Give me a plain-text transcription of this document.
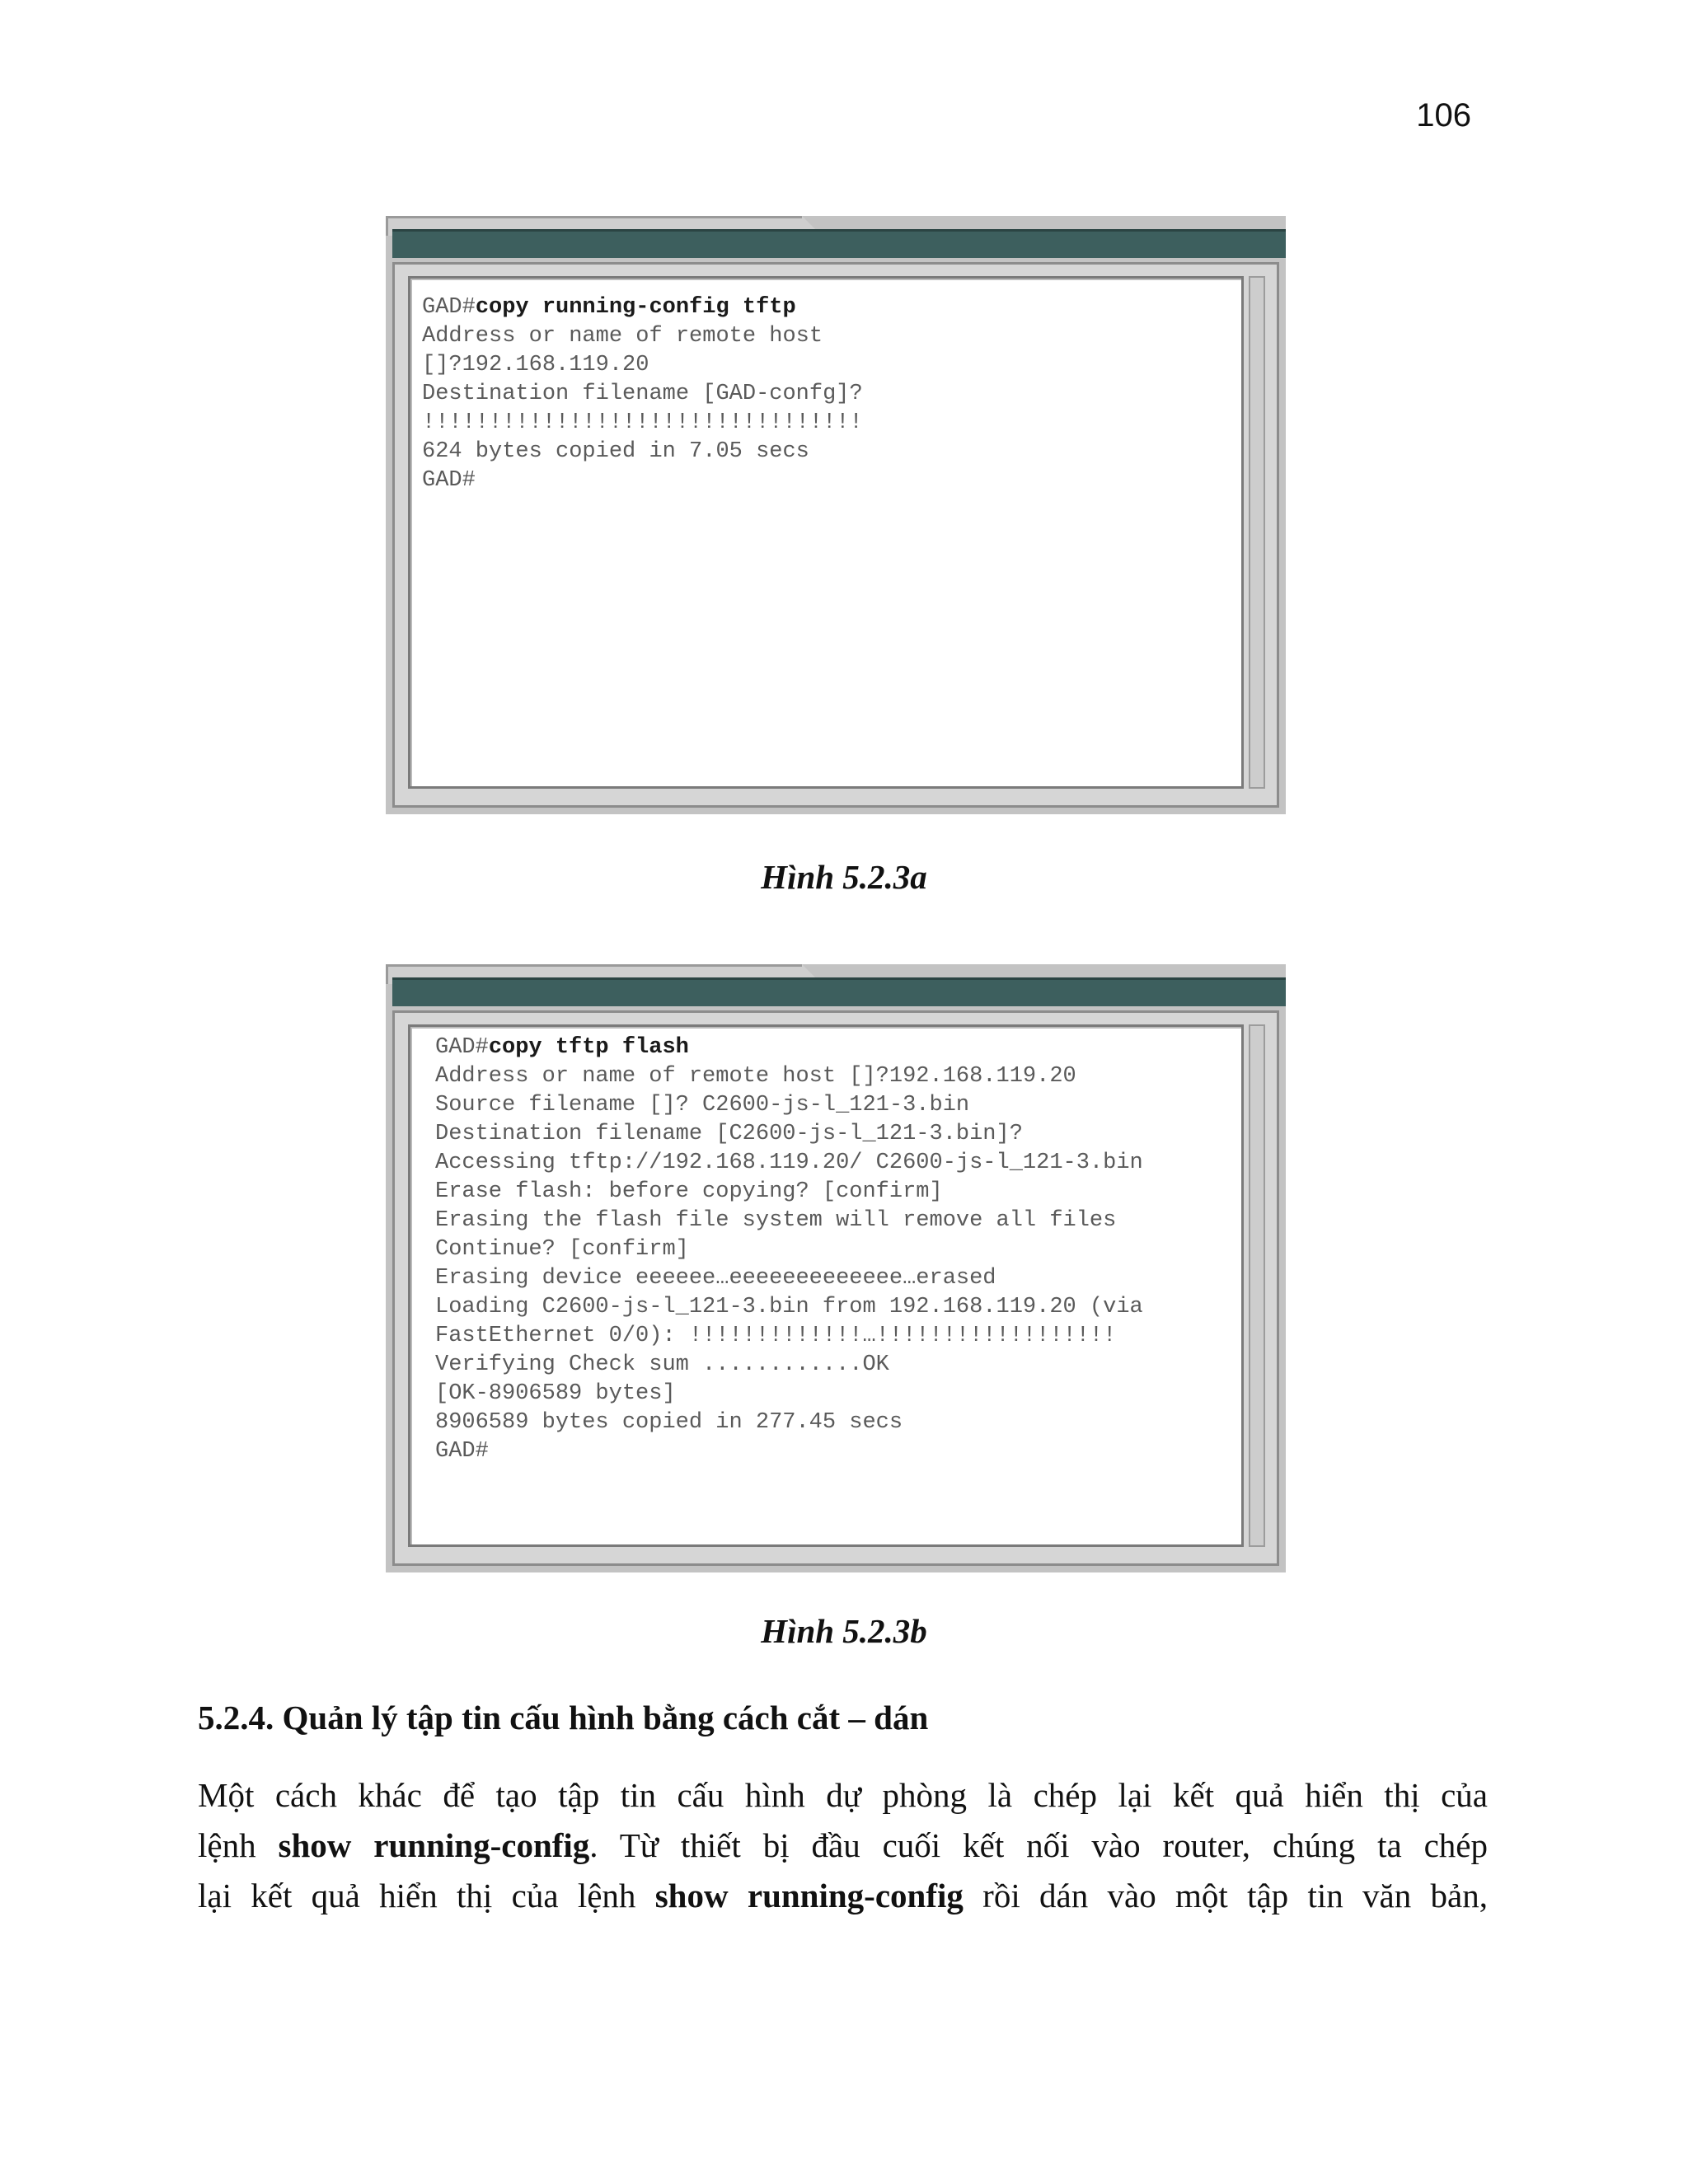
106
GAD#copy running-config tftp
Address or name of remote host
[]?192.168.119.20
Destination filename [GAD-confg]?
!!!!!!!!!!!!!!!!!!!!!!!!!!!!!!!!!
624 bytes copied in 7.05 secs
GAD#
Hình 5.2.3a
GAD#copy tftp flash
Address or name of remote host []?192.168.119.20
Source filename []? C2600-js-l_121-3.bin
Destination filename [C2600-js-l_121-3.bin]?
Accessing tftp://192.168.119.20/ C2600-js-l_121-3.bin
Erase flash: before copying? [confirm]
Erasing the flash file system will remove all files
Continue? [confirm]
Erasing device eeeeee…eeeeeeeeeeeee…erased
Loading C2600-js-l_121-3.bin from 192.168.119.20 (via
FastEthernet 0/0): !!!!!!!!!!!!!…!!!!!!!!!!!!!!!!!!
Verifying Check sum ............OK
[OK-8906589 bytes]
8906589 bytes copied in 277.45 secs
GAD#
Hình 5.2.3b
5.2.4. Quản lý tập tin cấu hình bằng cách cắt – dán
Một cách khác để tạo tập tin cấu hình dự phòng là chép lại kết quả hiển thị của
lệnh show running-config. Từ thiết bị đầu cuối kết nối vào router, chúng ta chép
lại kết quả hiển thị của lệnh show running-config rồi dán vào một tập tin văn bản,
